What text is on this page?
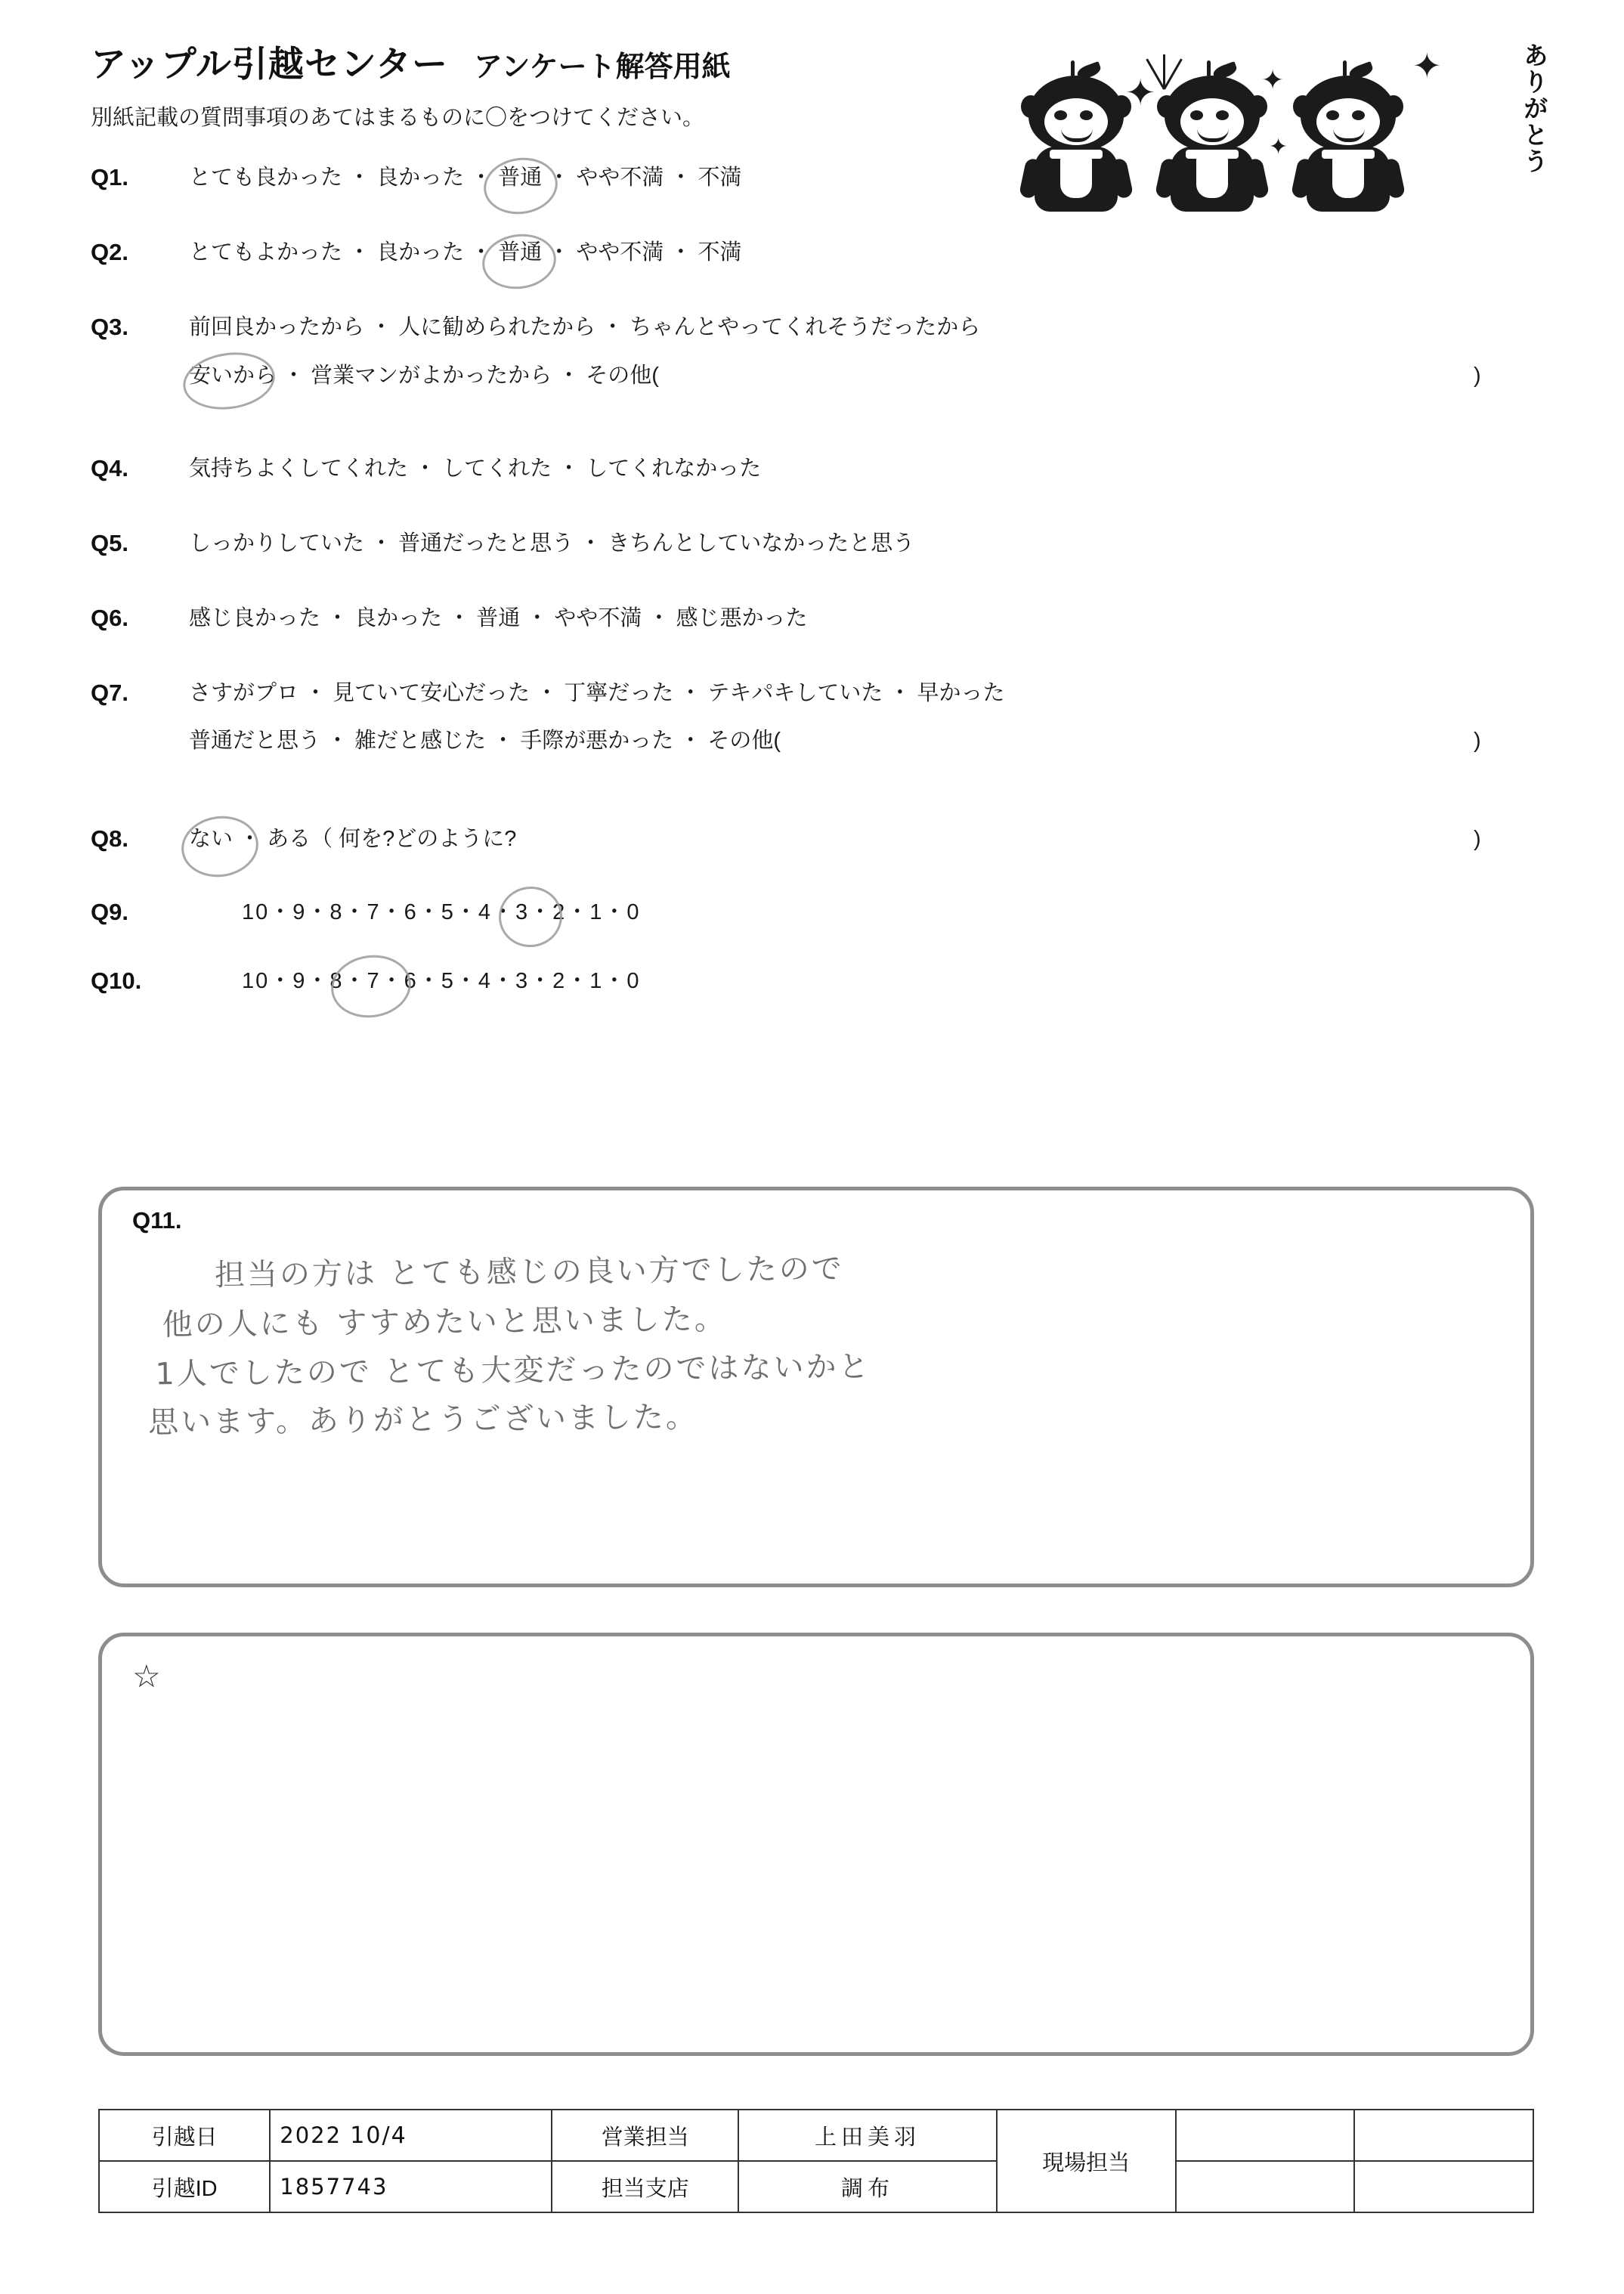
アップル引越センター アンケート解答用紙
別紙記載の質問事項のあてはまるものに〇をつけてください。
✦	✦
✦
✦
✦	ありがとう
Q1.	とても良かった ・ 良かった ・ 普通 ・ やや不満 ・ 不満
Q2.	とてもよかった ・ 良かった ・ 普通 ・ やや不満 ・ 不満
Q3.	前回良かったから ・ 人に勧められたから ・ ちゃんとやってくれそうだったから
安いから ・ 営業マンがよかったから ・ その他(	)
Q4.	気持ちよくしてくれた ・ してくれた ・ してくれなかった
Q5.	しっかりしていた ・ 普通だったと思う ・ きちんとしていなかったと思う
Q6.	感じ良かった ・ 良かった ・ 普通 ・ やや不満 ・ 感じ悪かった
Q7.	さすがプロ ・ 見ていて安心だった ・ 丁寧だった ・ テキパキしていた ・ 早かった
普通だと思う ・ 雑だと感じた ・ 手際が悪かった ・ その他(	)
Q8.	ない ・ ある（ 何を?どのように?	)
Q9.	10・9・8・7・6・5・4・3・2・1・0
Q10.	10・9・8・7・6・5・4・3・2・1・0
Q11.
担当の方は とても感じの良い方でしたので
他の人にも すすめたいと思いました。
1人でしたので とても大変だったのではないかと
思います。ありがとうございました。
☆
引越日	2022 10/4	営業担当	上田美羽	現場担当		
引越ID	1857743	担当支店	調布			
